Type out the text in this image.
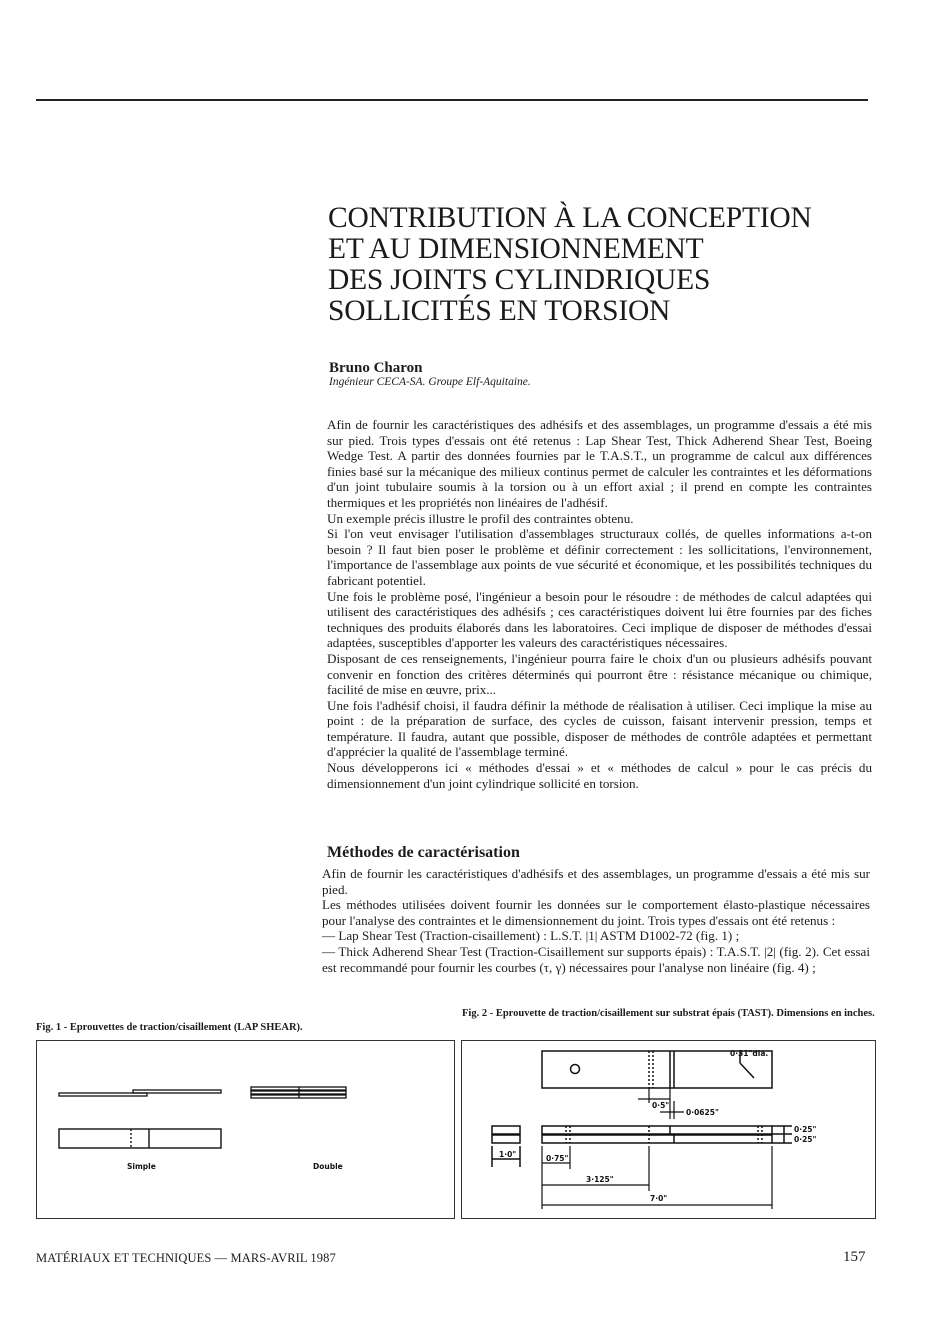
CONTRIBUTION À LA CONCEPTION
ET AU DIMENSIONNEMENT
DES JOINTS CYLINDRIQUES
SOLLICITÉS EN TORSION
Bruno Charon
Ingénieur CECA-SA. Groupe Elf-Aquitaine.

Afin de fournir les caractéristiques des adhésifs et des assemblages, un programme d'essais a été mis sur pied. Trois types d'essais ont été retenus : Lap Shear Test, Thick Adherend Shear Test, Boeing Wedge Test. A partir des données fournies par le T.A.S.T., un programme de calcul aux différences finies basé sur la mécanique des milieux continus permet de calculer les contraintes et les déformations d'un joint tubulaire soumis à la torsion ou à un effort axial ; il prend en compte les contraintes thermiques et les propriétés non linéaires de l'adhésif.

Un exemple précis illustre le profil des contraintes obtenu.

Si l'on veut envisager l'utilisation d'assemblages structuraux collés, de quelles informations a-t-on besoin ? Il faut bien poser le problème et définir correctement : les sollicitations, l'environnement, l'importance de l'assemblage aux points de vue sécurité et économique, et les possibilités techniques du fabricant potentiel.

Une fois le problème posé, l'ingénieur a besoin pour le résoudre : de méthodes de calcul adaptées qui utilisent des caractéristiques des adhésifs ; ces caractéristiques doivent lui être fournies par des fiches techniques des produits élaborés dans les laboratoires. Ceci implique de disposer de méthodes d'essai adaptées, susceptibles d'apporter les valeurs des caractéristiques nécessaires.

Disposant de ces renseignements, l'ingénieur pourra faire le choix d'un ou plusieurs adhésifs pouvant convenir en fonction des critères déterminés qui pourront être : résistance mécanique ou chimique, facilité de mise en œuvre, prix...

Une fois l'adhésif choisi, il faudra définir la méthode de réalisation à utiliser. Ceci implique la mise au point : de la préparation de surface, des cycles de cuisson, faisant intervenir pression, temps et température. Il faudra, autant que possible, disposer de méthodes de contrôle adaptées et permettant d'apprécier la qualité de l'assemblage terminé.

Nous développerons ici « méthodes d'essai » et « méthodes de calcul » pour le cas précis du dimensionnement d'un joint cylindrique sollicité en torsion.

Méthodes de caractérisation

Afin de fournir les caractéristiques d'adhésifs et des assemblages, un programme d'essais a été mis sur pied.

Les méthodes utilisées doivent fournir les données sur le comportement élasto-plastique nécessaires pour l'analyse des contraintes et le dimensionnement du joint. Trois types d'essais ont été retenus :

— Lap Shear Test (Traction-cisaillement) : L.S.T. |1| ASTM D1002-72 (fig. 1) ;

— Thick Adherend Shear Test (Traction-Cisaillement sur supports épais) : T.A.S.T. |2| (fig. 2). Cet essai est recommandé pour fournir les courbes (τ, γ) nécessaires pour l'analyse non linéaire (fig. 4) ;

Fig. 1 - Eprouvettes de traction/cisaillement (LAP SHEAR).
Fig. 2 - Eprouvette de traction/cisaillement sur substrat épais (TAST). Dimensions en inches.
Simple	Double
0·31"dia.
0·5"
0·0625"
0·25"
0·25"
1·0"	0·75"
3·125"
7·0"
MATÉRIAUX ET TECHNIQUES — MARS-AVRIL 1987	157
